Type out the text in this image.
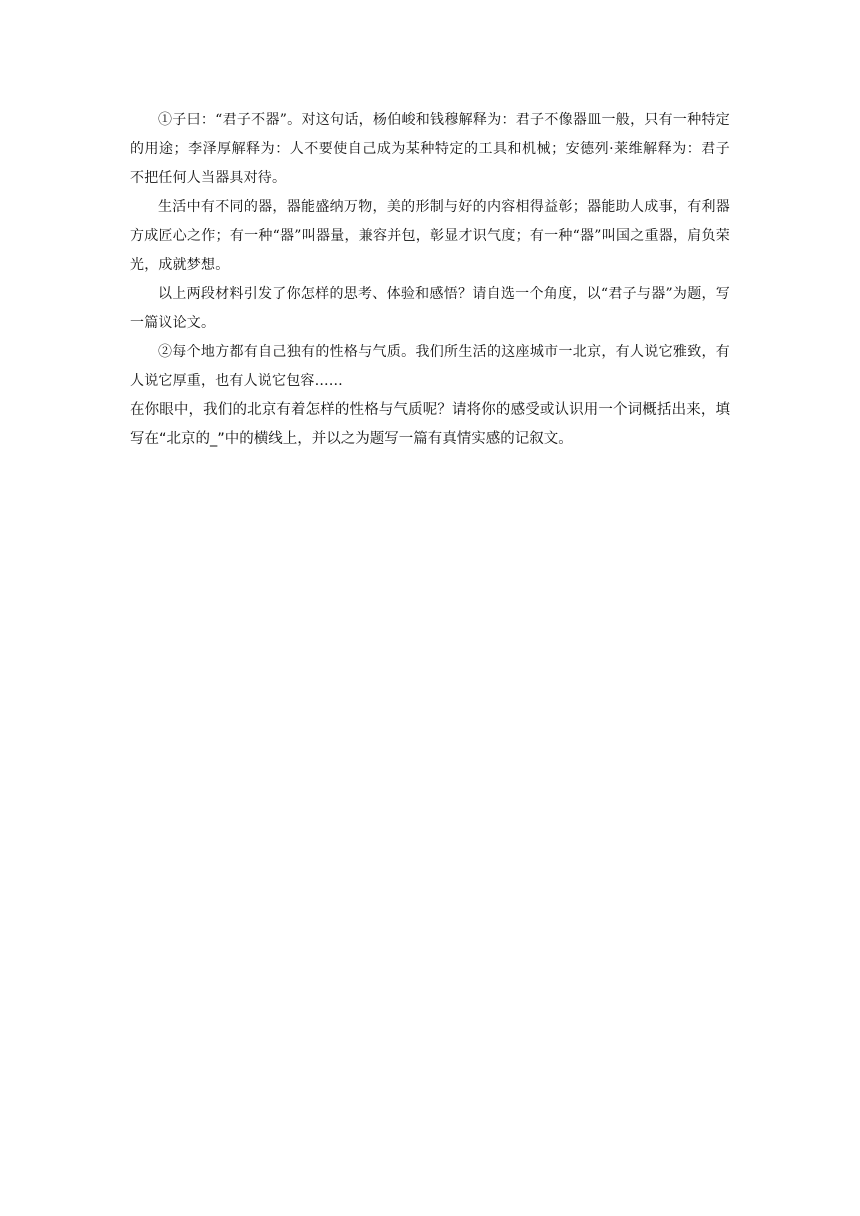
①子曰：“君子不器”。对这句话，杨伯峻和钱穆解释为：君子不像器皿一般，只有一种特定的用途；李泽厚解释为：人不要使自己成为某种特定的工具和机械；安德列·莱维解释为：君子不把任何人当器具对待。

生活中有不同的器，器能盛纳万物，美的形制与好的内容相得益彰；器能助人成事，有利器方成匠心之作；有一种“器”叫器量，兼容并包，彰显才识气度；有一种“器”叫国之重器，肩负荣光，成就梦想。

以上两段材料引发了你怎样的思考、体验和感悟？请自选一个角度，以“君子与器”为题，写一篇议论文。

②每个地方都有自己独有的性格与气质。我们所生活的这座城市一北京，有人说它雅致，有人说它厚重，也有人说它包容……

在你眼中，我们的北京有着怎样的性格与气质呢？请将你的感受或认识用一个词概括出来，填写在“北京的_”中的横线上，并以之为题写一篇有真情实感的记叙文。
